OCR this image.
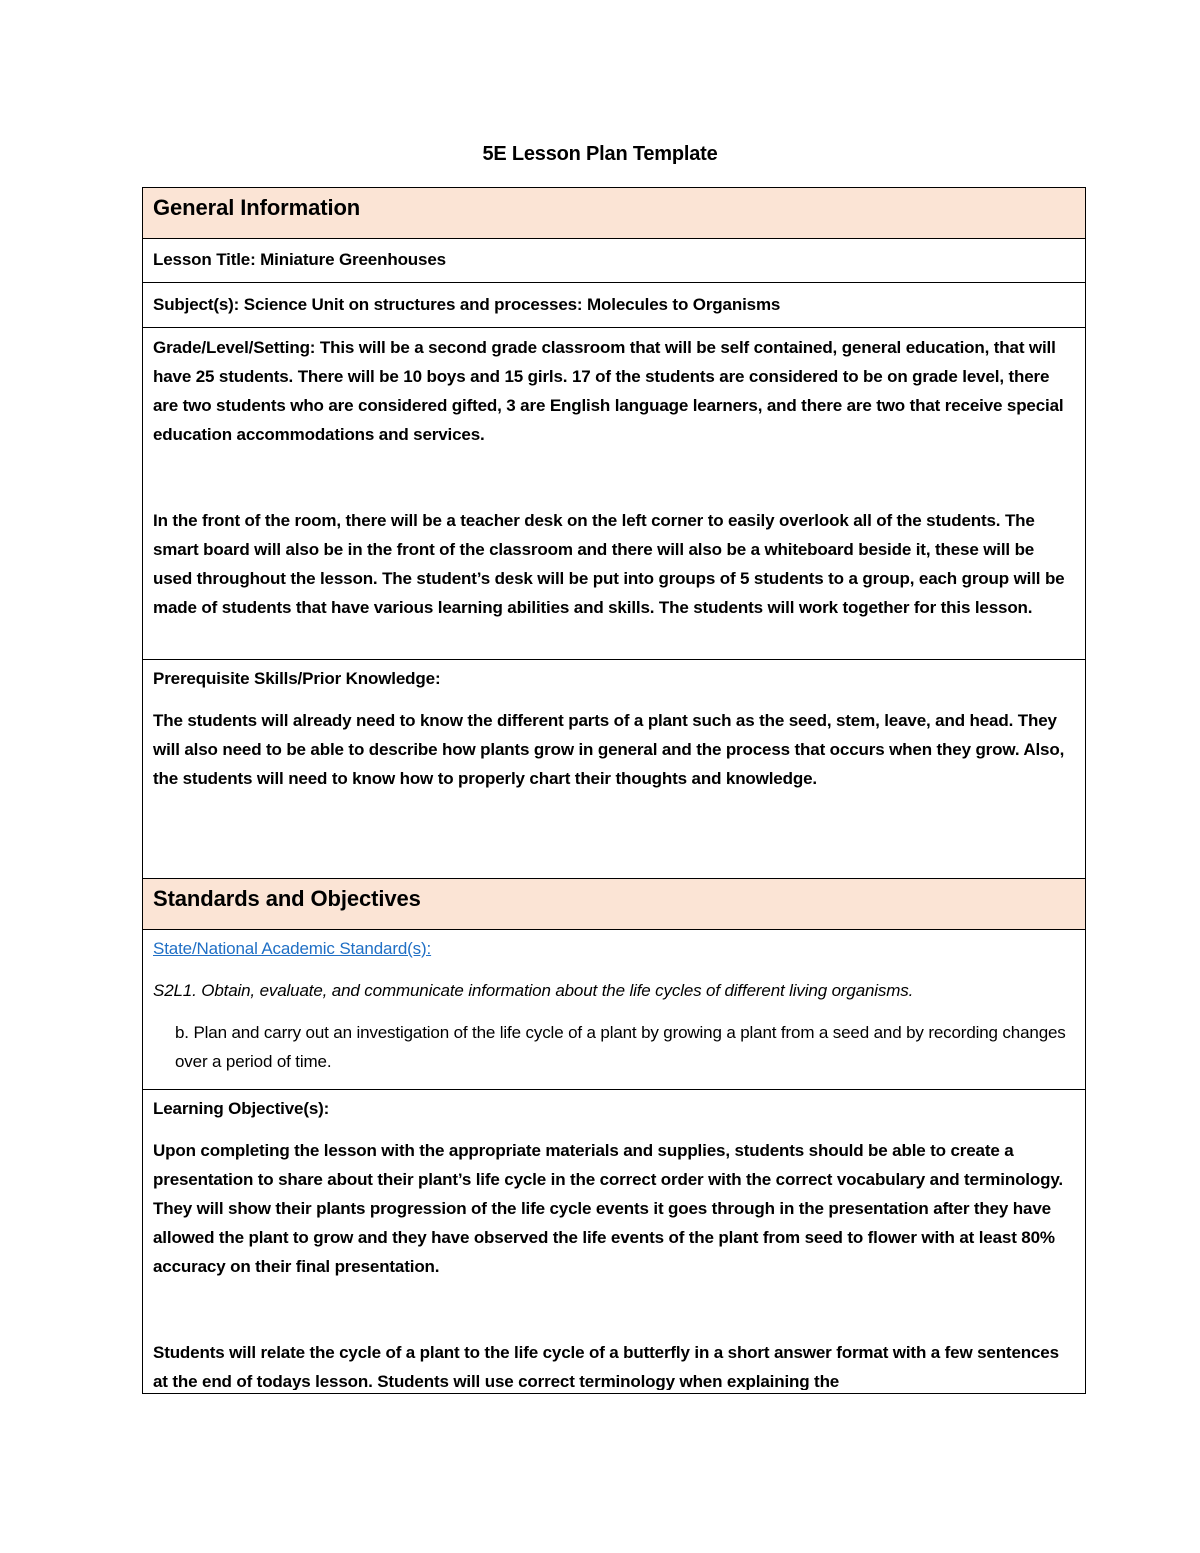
5E Lesson Plan Template
General Information
Lesson Title: Miniature Greenhouses
Subject(s): Science Unit on structures and processes: Molecules to Organisms

Grade/Level/Setting: This will be a second grade classroom that will be self contained, general education, that will have 25 students. There will be 10 boys and 15 girls. 17 of the students are considered to be on grade level, there are two students who are considered gifted, 3 are English language learners, and there are two that receive special education accommodations and services.

In the front of the room, there will be a teacher desk on the left corner to easily overlook all of the students. The smart board will also be in the front of the classroom and there will also be a whiteboard beside it, these will be used throughout the lesson. The student’s desk will be put into groups of 5 students to a group, each group will be made of students that have various learning abilities and skills. The students will work together for this lesson.

Prerequisite Skills/Prior Knowledge:

The students will already need to know the different parts of a plant such as the seed, stem, leave, and head. They will also need to be able to describe how plants grow in general and the process that occurs when they grow. Also, the students will need to know how to properly chart their thoughts and knowledge.

Standards and Objectives

State/National Academic Standard(s):

S2L1. Obtain, evaluate, and communicate information about the life cycles of different living organisms.

b. Plan and carry out an investigation of the life cycle of a plant by growing a plant from a seed and by recording changes over a period of time.

Learning Objective(s):

Upon completing the lesson with the appropriate materials and supplies, students should be able to create a presentation to share about their plant’s life cycle in the correct order with the correct vocabulary and terminology. They will show their plants progression of the life cycle events it goes through in the presentation after they have allowed the plant to grow and they have observed the life events of the plant from seed to flower with at least 80% accuracy on their final presentation.

Students will relate the cycle of a plant to the life cycle of a butterfly in a short answer format with a few sentences at the end of todays lesson. Students will use correct terminology when explaining the
